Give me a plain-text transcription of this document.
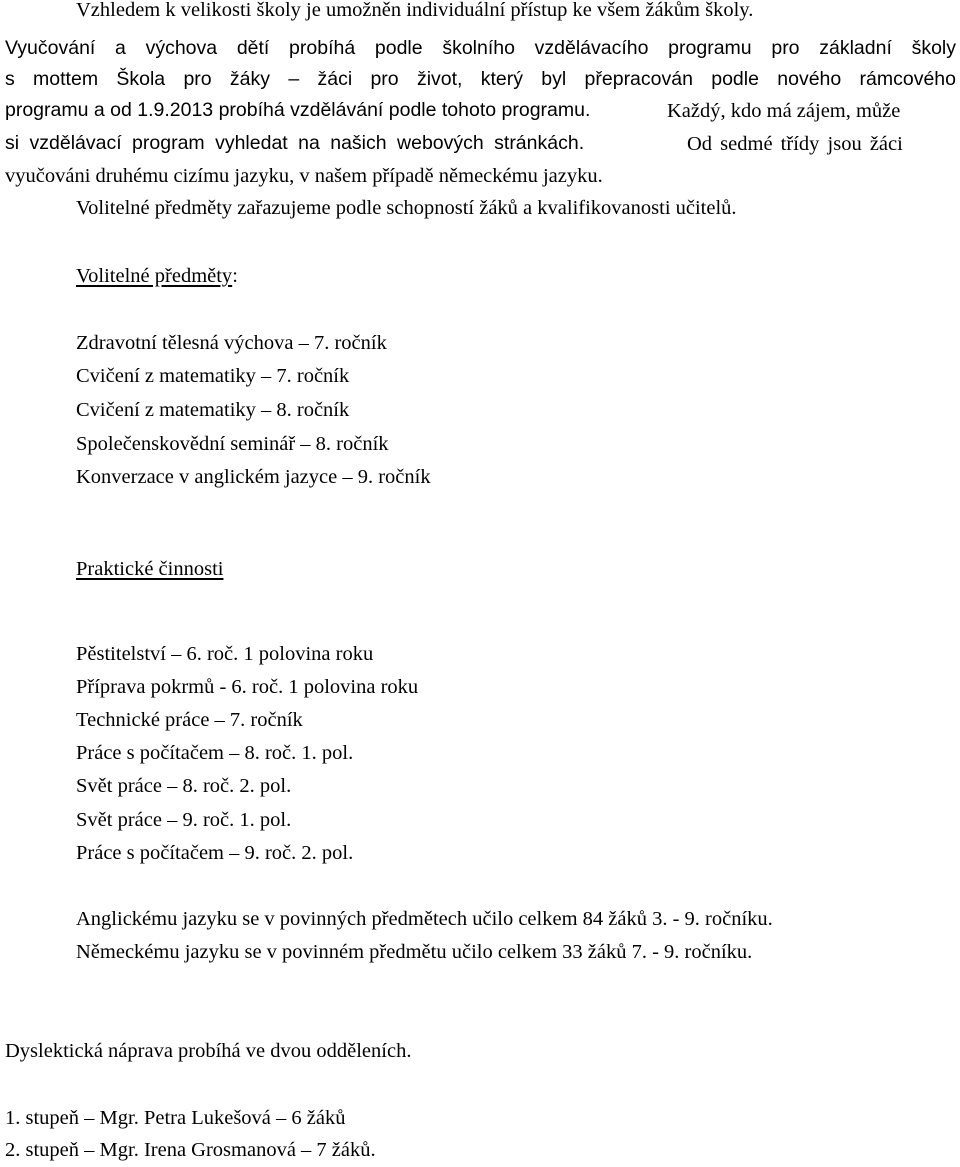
Vzhledem k velikosti školy je umožněn individuální přístup ke všem žákům školy.
Vyučování a výchova dětí probíhá podle školního vzdělávacího programu pro základní školy
s mottem Škola pro žáky – žáci pro život, který byl přepracován podle nového rámcového
programu a od 1.9.2013 probíhá vzdělávání podle tohoto programu.	Každý, kdo má zájem, může
si vzdělávací program vyhledat na našich webových stránkách.	Od sedmé třídy jsou žáci
vyučováni druhému cizímu jazyku, v našem případě německému jazyku.
Volitelné předměty zařazujeme podle schopností žáků a kvalifikovanosti učitelů.
Volitelné předměty:
Zdravotní tělesná výchova – 7. ročník
Cvičení z matematiky – 7. ročník
Cvičení z matematiky – 8. ročník
Společenskovědní seminář – 8. ročník
Konverzace v anglickém jazyce – 9. ročník
Praktické činnosti
Pěstitelství – 6. roč. 1 polovina roku
Příprava pokrmů - 6. roč. 1 polovina roku
Technické práce – 7. ročník
Práce s počítačem – 8. roč. 1. pol.
Svět práce – 8. roč. 2. pol.
Svět práce – 9. roč. 1. pol.
Práce s počítačem – 9. roč. 2. pol.
Anglickému jazyku se v povinných předmětech učilo celkem 84 žáků 3. - 9. ročníku.
Německému jazyku se v povinném předmětu učilo celkem 33 žáků 7. - 9. ročníku.
Dyslektická náprava probíhá ve dvou odděleních.
1. stupeň – Mgr. Petra Lukešová – 6 žáků
2. stupeň – Mgr. Irena Grosmanová – 7 žáků.
